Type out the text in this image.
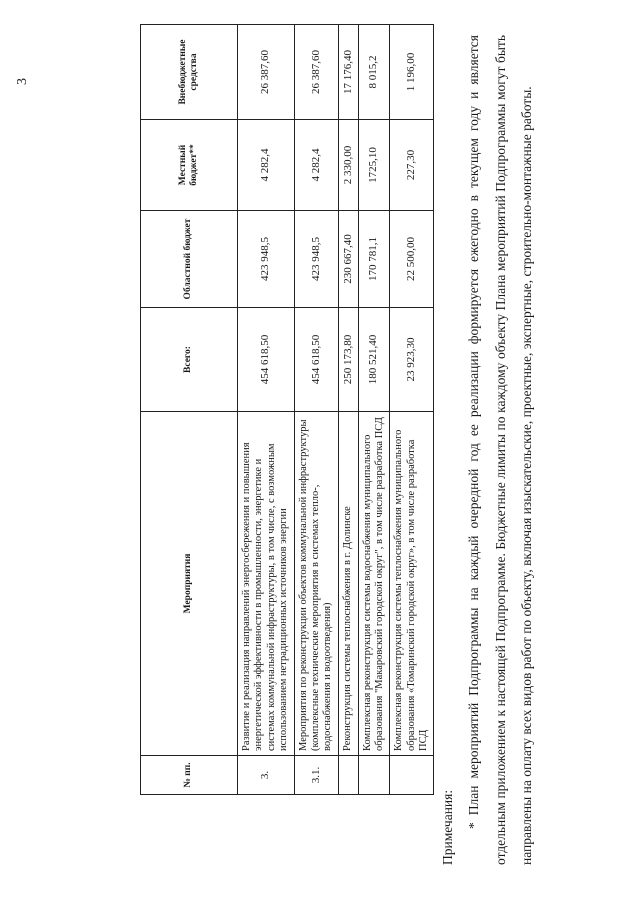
3
№ пп.	Мероприятия	Всего:	Областной бюджет	Местный бюджет**	Внебюджетные средства
3.	Развитие и реализация направлений энергосбережения и повышения энергетической эффективности в промышленности, энергетике и системах коммунальной инфраструктуры, в том числе, с возможным использованием нетрадиционных источников энергии	454 618,50	423 948,5	4 282,4	26 387,60
3.1.	Мероприятия по реконструкции объектов коммунальной инфраструктуры (комплексные технические мероприятия в системах тепло-, водоснабжения и водоотведения)	454 618,50	423 948,5	4 282,4	26 387,60
	Реконструкция системы теплоснабжения в г. Долинске	250 173,80	230 667,40	2 330,00	17 176,40
	Комплексная реконструкция системы водоснабжения муниципального образования "Макаровский городской округ", в том числе разработка ПСД	180 521,40	170 781,1	1725,10	8 015,2
	Комплексная реконструкция системы теплоснабжения муниципального образования «Томаринский городской округ», в том числе разработка ПСД	23 923,30	22 500,00	227,30	1 196,00
Примечания: * План мероприятий Подпрограммы на каждый очередной год ее реализации формируется ежегодно в текущем году и является отдельным приложением к настоящей Подпрограмме. Бюджетные лимиты по каждому объекту Плана мероприятий Подпрограммы могут быть направлены на оплату всех видов работ по объекту, включая изыскательские, проектные, экспертные, строительно-монтажные работы.
